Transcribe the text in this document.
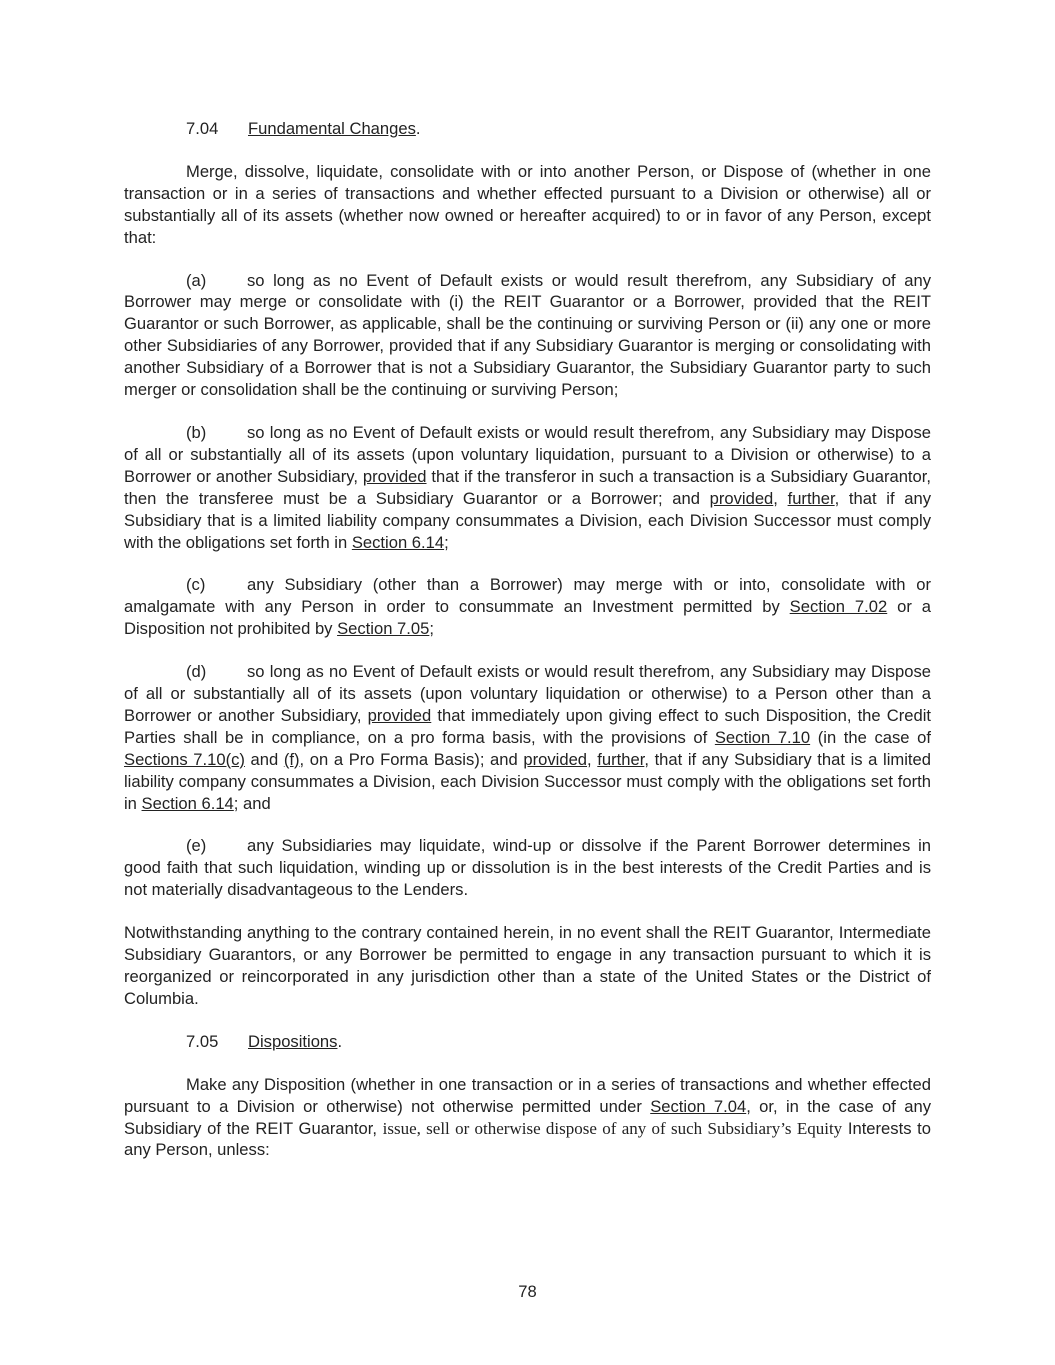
7.04 Fundamental Changes.

Merge, dissolve, liquidate, consolidate with or into another Person, or Dispose of (whether in one transaction or in a series of transactions and whether effected pursuant to a Division or otherwise) all or substantially all of its assets (whether now owned or hereafter acquired) to or in favor of any Person, except that:

(a) so long as no Event of Default exists or would result therefrom, any Subsidiary of any Borrower may merge or consolidate with (i) the REIT Guarantor or a Borrower, provided that the REIT Guarantor or such Borrower, as applicable, shall be the continuing or surviving Person or (ii) any one or more other Subsidiaries of any Borrower, provided that if any Subsidiary Guarantor is merging or consolidating with another Subsidiary of a Borrower that is not a Subsidiary Guarantor, the Subsidiary Guarantor party to such merger or consolidation shall be the continuing or surviving Person;

(b) so long as no Event of Default exists or would result therefrom, any Subsidiary may Dispose of all or substantially all of its assets (upon voluntary liquidation, pursuant to a Division or otherwise) to a Borrower or another Subsidiary, provided that if the transferor in such a transaction is a Subsidiary Guarantor, then the transferee must be a Subsidiary Guarantor or a Borrower; and provided, further, that if any Subsidiary that is a limited liability company consummates a Division, each Division Successor must comply with the obligations set forth in Section 6.14;

(c)	any Subsidiary (other than a Borrower) may merge with or into, consolidate with or amalgamate with any Person in order to consummate an Investment permitted by Section 7.02 or a Disposition not prohibited by Section 7.05;

(d) so long as no Event of Default exists or would result therefrom, any Subsidiary may Dispose of all or substantially all of its assets (upon voluntary liquidation or otherwise) to a Person other than a Borrower or another Subsidiary, provided that immediately upon giving effect to such Disposition, the Credit Parties shall be in compliance, on a pro forma basis, with the provisions of Section 7.10 (in the case of Sections 7.10(c) and (f), on a Pro Forma Basis); and provided, further, that if any Subsidiary that is a limited liability company consummates a Division, each Division Successor must comply with the obligations set forth in Section 6.14; and

(e) any Subsidiaries may liquidate, wind-up or dissolve if the Parent Borrower determines in good faith that such liquidation, winding up or dissolution is in the best interests of the Credit Parties and is not materially disadvantageous to the Lenders.

Notwithstanding anything to the contrary contained herein, in no event shall the REIT Guarantor, Intermediate Subsidiary Guarantors, or any Borrower be permitted to engage in any transaction pursuant to which it is reorganized or reincorporated in any jurisdiction other than a state of the United States or the District of Columbia.

7.05 Dispositions.

Make any Disposition (whether in one transaction or in a series of transactions and whether effected pursuant to a Division or otherwise) not otherwise permitted under Section 7.04, or, in the case of any Subsidiary of the REIT Guarantor, issue, sell or otherwise dispose of any of such Subsidiary’s Equity Interests to any Person, unless:

78
